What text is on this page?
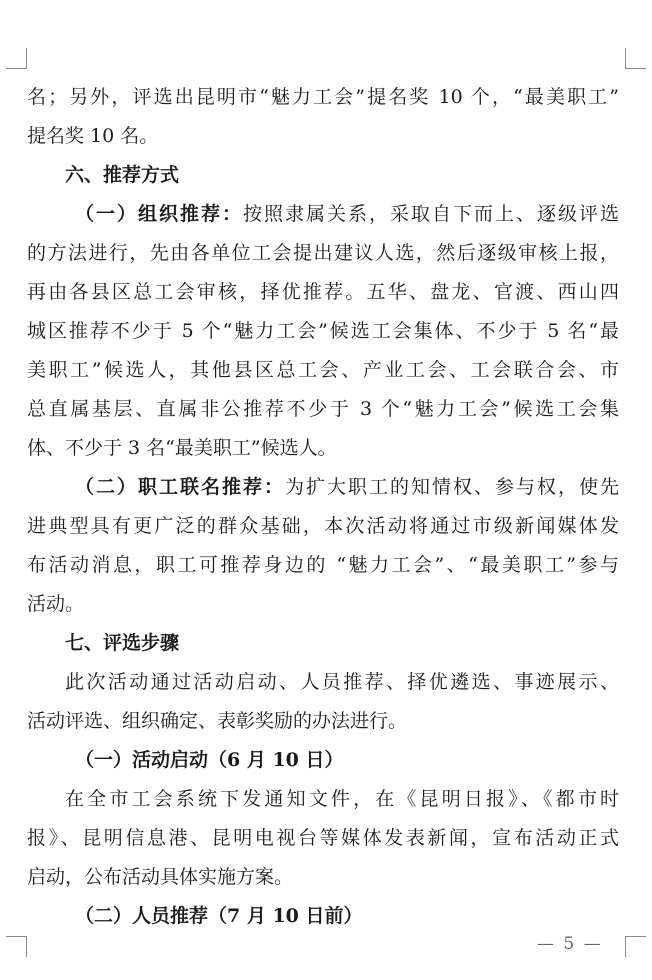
名；另外，评选出昆明市“魅力工会”提名奖 10 个，“最美职工”
提名奖 10 名。
六、推荐方式
（一）组织推荐：按照隶属关系，采取自下而上、逐级评选
的方法进行，先由各单位工会提出建议人选，然后逐级审核上报，
再由各县区总工会审核，择优推荐。五华、盘龙、官渡、西山四
城区推荐不少于 5 个“魅力工会”候选工会集体、不少于 5 名“最
美职工”候选人，其他县区总工会、产业工会、工会联合会、市
总直属基层、直属非公推荐不少于 3 个“魅力工会”候选工会集
体、不少于 3 名“最美职工”候选人。
（二）职工联名推荐：为扩大职工的知情权、参与权，使先
进典型具有更广泛的群众基础，本次活动将通过市级新闻媒体发
布活动消息，职工可推荐身边的 “魅力工会”、“最美职工”参与
活动。
七、评选步骤
此次活动通过活动启动、人员推荐、择优遴选、事迹展示、
活动评选、组织确定、表彰奖励的办法进行。
（一）活动启动（6 月 10 日）
在全市工会系统下发通知文件，在《昆明日报》、《都市时
报》、昆明信息港、昆明电视台等媒体发表新闻，宣布活动正式
启动，公布活动具体实施方案。
（二）人员推荐（7 月 10 日前）
— 5 —
